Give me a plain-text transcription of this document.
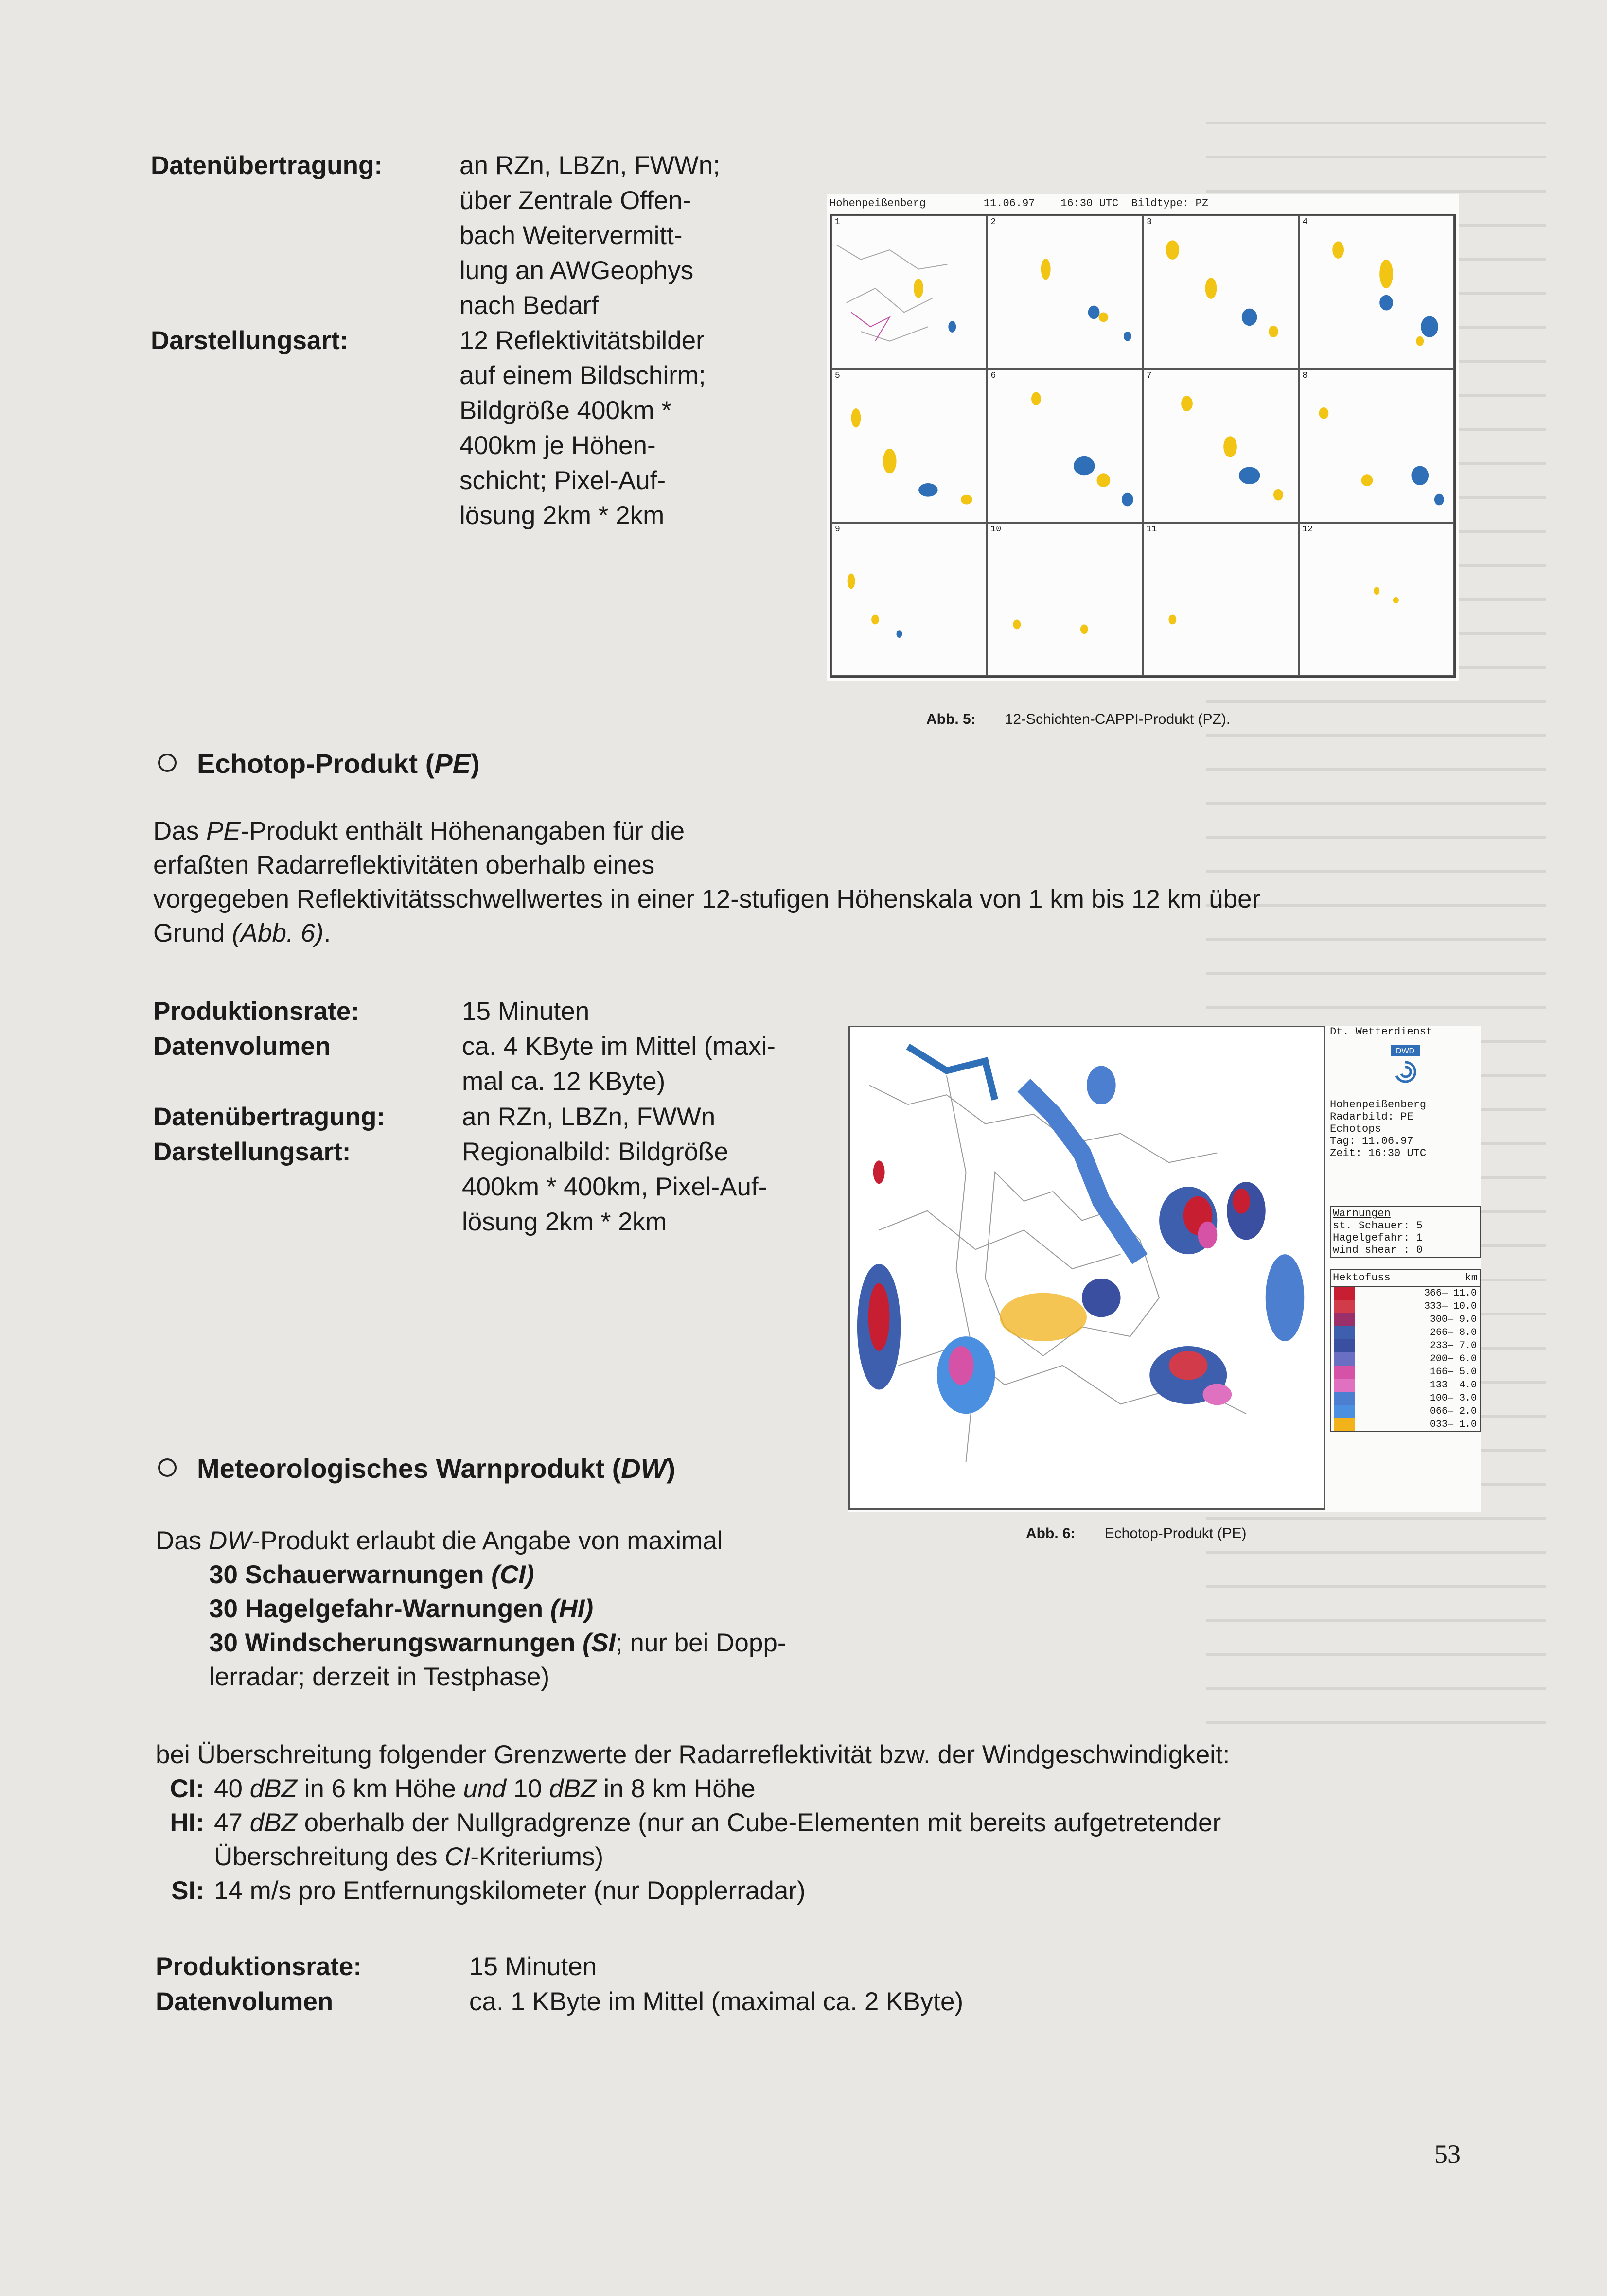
Datenübertragung:	an RZn, LBZn, FWWn;
über Zentrale Offen-
bach Weitervermitt-
lung an AWGeophys
nach Bedarf
Darstellungsart:	12 Reflektivitätsbilder
auf einem Bildschirm;
Bildgröße 400km *
400km je Höhen-
schicht; Pixel-Auf-
lösung 2km * 2km
Hohenpeißenberg         11.06.97    16:30 UTC  Bildtype: PZ
1	2	3	4
5	6	7	8
9	10	11	12
Abb. 5: 12-Schichten-CAPPI-Produkt (PZ).
Echotop-Produkt (PE)
Das PE-Produkt enthält Höhenangaben für die
erfaßten Radarreflektivitäten oberhalb eines
vorgegeben Reflektivitätsschwellwertes in einer 12-stufigen Höhenskala von 1 km bis 12 km über
Grund (Abb. 6).
Produktionsrate:	15 Minuten
Datenvolumen	ca. 4 KByte im Mittel (maxi-
mal ca. 12 KByte)
Datenübertragung:	an RZn, LBZn, FWWn
Darstellungsart:	Regionalbild: Bildgröße
400km * 400km, Pixel-Auf-
lösung 2km * 2km
Dt. Wetterdienst
DWD
Hohenpeißenberg
Radarbild: PE
Echotops
Tag: 11.06.97
Zeit: 16:30 UTC
Warnungen
st. Schauer: 5
Hagelgefahr: 1
wind shear : 0
Hektofuss	km
366— 11.0
333— 10.0
300— 9.0
266— 8.0
233— 7.0
200— 6.0
166— 5.0
133— 4.0
100— 3.0
066— 2.0
033— 1.0
Abb. 6: Echotop-Produkt (PE)
Meteorologisches Warnprodukt (DW)
Das DW-Produkt erlaubt die Angabe von maximal
30 Schauerwarnungen (CI)
30 Hagelgefahr-Warnungen (HI)
30 Windscherungswarnungen (SI; nur bei Dopp-
lerradar; derzeit in Testphase)
bei Überschreitung folgender Grenzwerte der Radarreflektivität bzw. der Windgeschwindigkeit:
CI: 40 dBZ in 6 km Höhe und 10 dBZ in 8 km Höhe
HI: 47 dBZ oberhalb der Nullgradgrenze (nur an Cube-Elementen mit bereits aufgetretender
Überschreitung des CI-Kriteriums)
SI: 14 m/s pro Entfernungskilometer (nur Dopplerradar)
Produktionsrate:	15 Minuten
Datenvolumen	ca. 1 KByte im Mittel (maximal ca. 2 KByte)
53
